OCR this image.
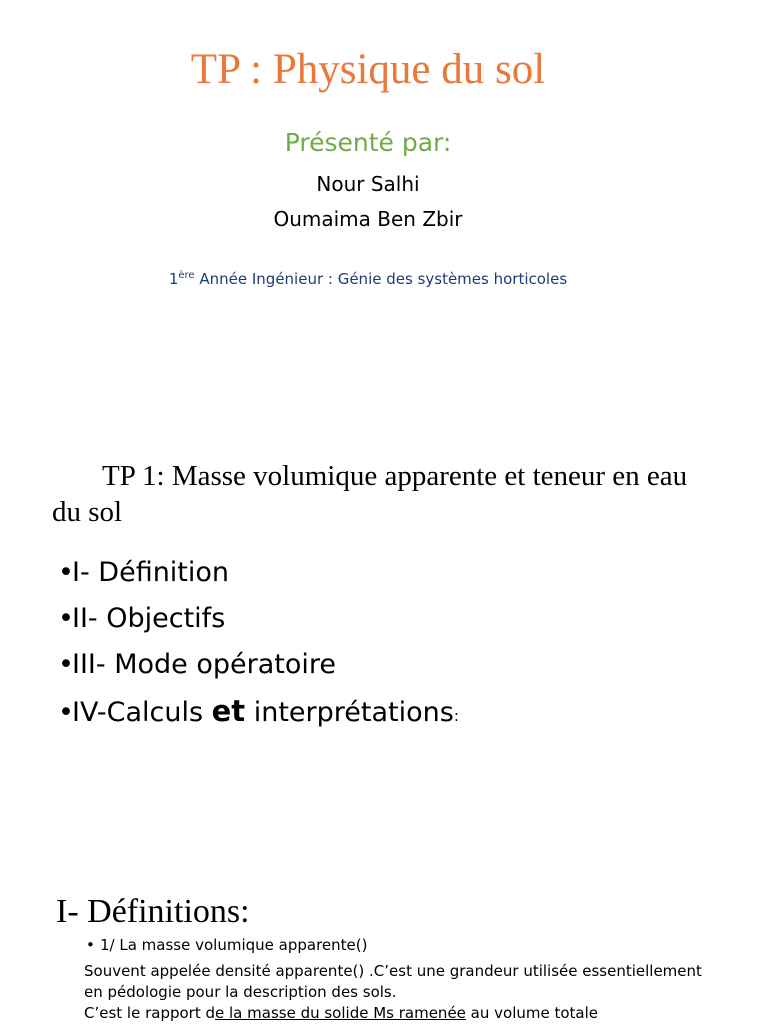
TP : Physique du sol
Présenté par:
Nour Salhi
Oumaima Ben Zbir
1ère Année Ingénieur : Génie des systèmes horticoles
TP 1: Masse volumique apparente et teneur en eau du sol
•I- Définition
•II- Objectifs
•III- Mode opératoire
•IV-Calculs et interprétations:
I- Définitions:
• 1/ La masse volumique apparente()
Souvent appelée densité apparente() .C’est une grandeur utilisée essentiellement en pédologie pour la description des sols.
C’est le rapport de la masse du solide Ms ramenée au volume totale
